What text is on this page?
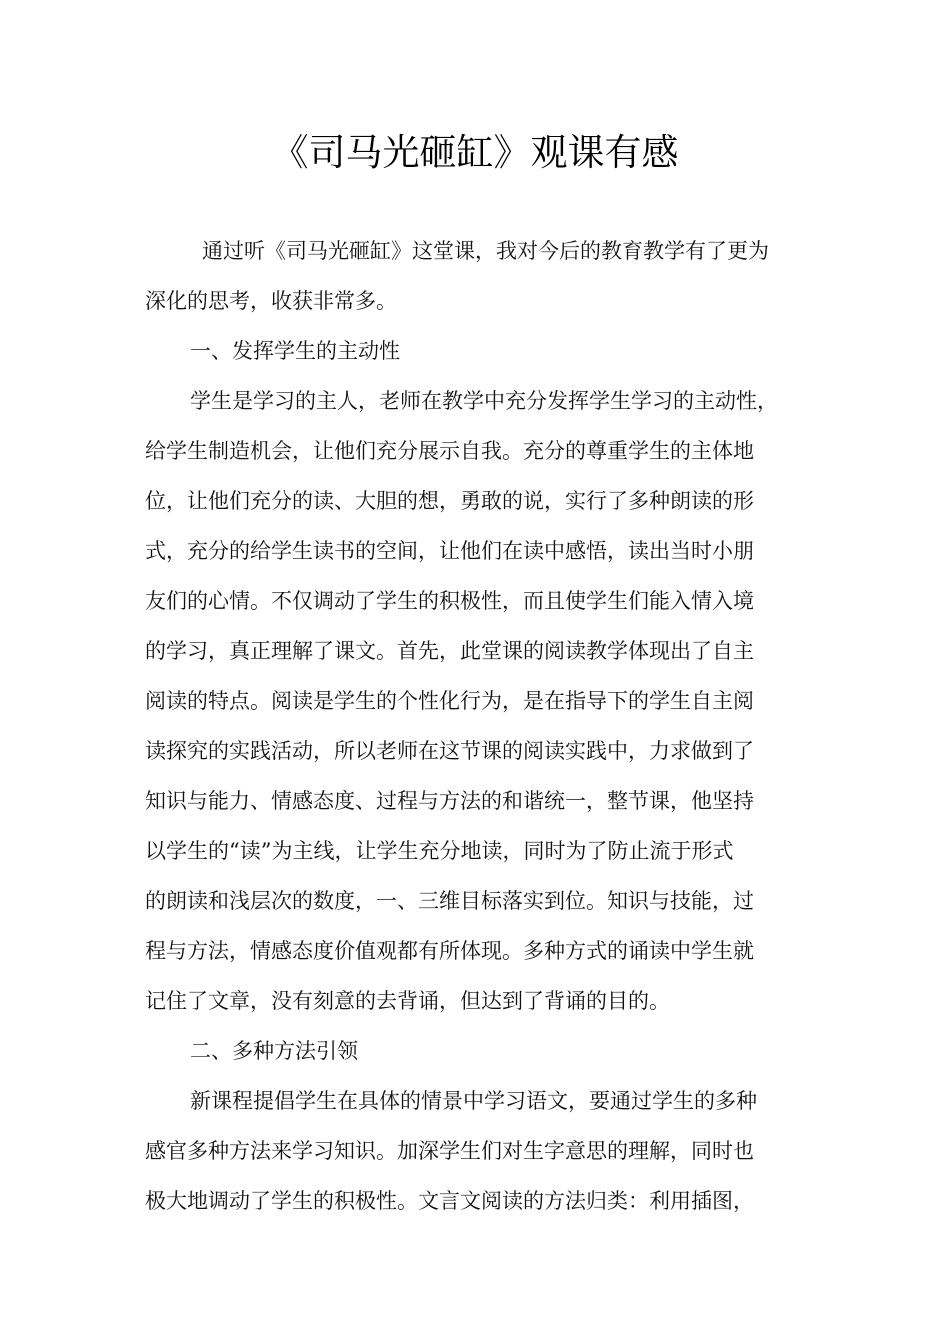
《司马光砸缸》观课有感
通过听《司马光砸缸》这堂课，我对今后的教育教学有了更为
深化的思考，收获非常多。
一、发挥学生的主动性
学生是学习的主人，老师在教学中充分发挥学生学习的主动性，
给学生制造机会，让他们充分展示自我。充分的尊重学生的主体地
位，让他们充分的读、大胆的想，勇敢的说，实行了多种朗读的形
式，充分的给学生读书的空间，让他们在读中感悟，读出当时小朋
友们的心情。不仅调动了学生的积极性，而且使学生们能入情入境
的学习，真正理解了课文。首先，此堂课的阅读教学体现出了自主
阅读的特点。阅读是学生的个性化行为，是在指导下的学生自主阅
读探究的实践活动，所以老师在这节课的阅读实践中，力求做到了
知识与能力、情感态度、过程与方法的和谐统一，整节课，他坚持
以学生的“读”为主线，让学生充分地读，同时为了防止流于形式
的朗读和浅层次的数度，一、三维目标落实到位。知识与技能，过
程与方法，情感态度价值观都有所体现。多种方式的诵读中学生就
记住了文章，没有刻意的去背诵，但达到了背诵的目的。
二、多种方法引领
新课程提倡学生在具体的情景中学习语文，要通过学生的多种
感官多种方法来学习知识。加深学生们对生字意思的理解，同时也
极大地调动了学生的积极性。文言文阅读的方法归类：利用插图，
